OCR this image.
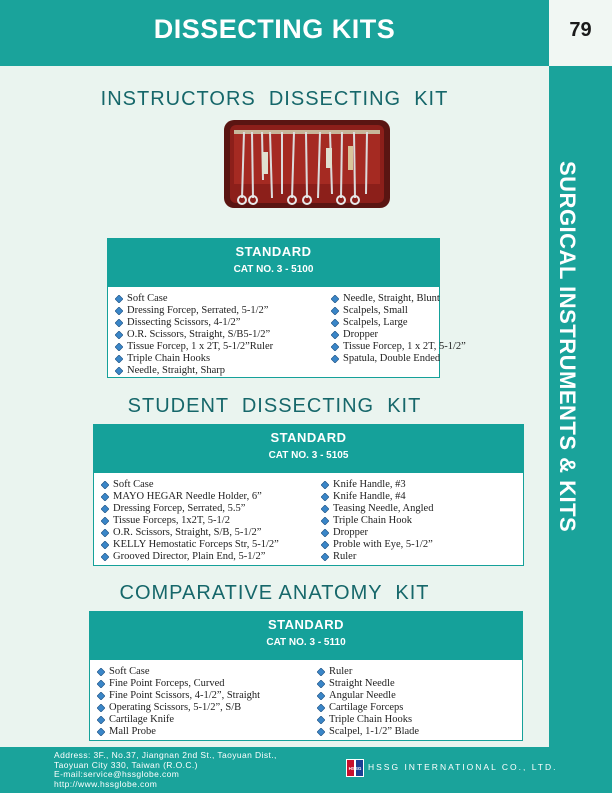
DISSECTING KITS	79
SURGICAL INSTRUMENTS & KITS
INSTRUCTORS  DISSECTING  KIT
STANDARD
CAT NO. 3 - 5100
Soft Case
Dressing Forcep, Serrated, 5-1/2”
Dissecting Scissors, 4-1/2”
O.R. Scissors, Straight, S/B5-1/2”
Tissue Forcep, 1 x 2T, 5-1/2”Ruler
Triple Chain Hooks
Needle, Straight, Sharp
Needle, Straight, Blunt
Scalpels, Small
Scalpels, Large
Dropper
Tissue Forcep, 1 x 2T, 5-1/2”
Spatula, Double Ended
STUDENT  DISSECTING  KIT
STANDARD
CAT NO. 3 - 5105
Soft Case
MAYO HEGAR Needle Holder, 6”
Dressing Forcep, Serrated, 5.5”
Tissue Forceps, 1x2T, 5-1/2
O.R. Scissors, Straight, S/B, 5-1/2”
KELLY Hemostatic Forceps Str, 5-1/2”
Grooved Director, Plain End, 5-1/2”
Knife Handle, #3
Knife Handle, #4
Teasing Needle, Angled
Triple Chain Hook
Dropper
Proble with Eye, 5-1/2”
Ruler
COMPARATIVE ANATOMY  KIT
STANDARD
CAT NO. 3 - 5110
Soft Case
Fine Point Forceps, Curved
Fine Point Scissors, 4-1/2”, Straight
Operating Scissors, 5-1/2”, S/B
Cartilage Knife
Mall Probe
Ruler
Straight Needle
Angular Needle
Cartilage Forceps
Triple Chain Hooks
Scalpel, 1-1/2” Blade
Address: 3F., No.37, Jiangnan 2nd St., Taoyuan Dist.,
Taoyuan City 330, Taiwan (R.O.C.)
E-mail:service@hssglobe.com
http://www.hssglobe.com
HSSG HSSG INTERNATIONAL CO., LTD.
